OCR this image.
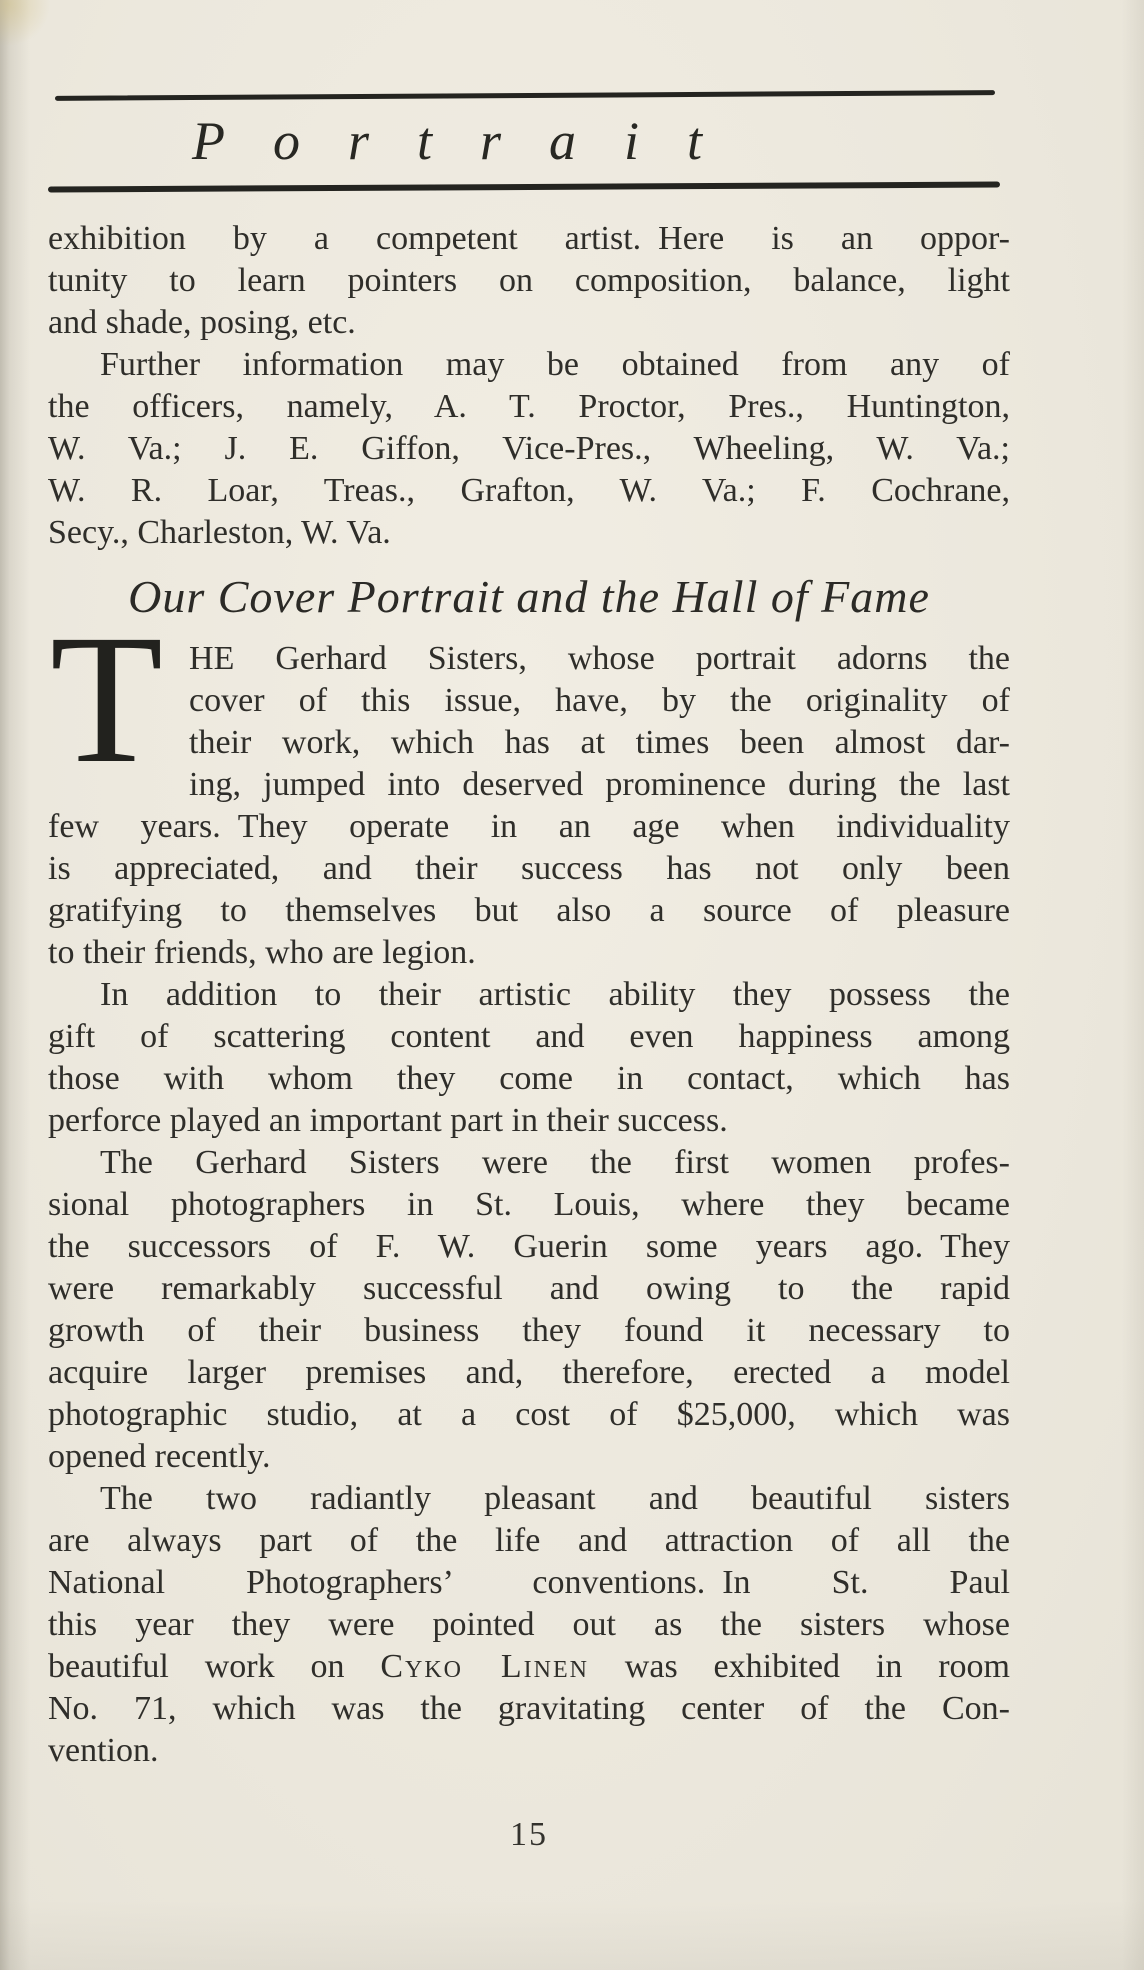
Portrait
exhibition by a competent artist. Here is an oppor-
tunity to learn pointers on composition, balance, light
and shade, posing, etc.
Further information may be obtained from any of
the officers, namely, A. T. Proctor, Pres., Huntington,
W. Va.; J. E. Giffon, Vice-Pres., Wheeling, W. Va.;
W. R. Loar, Treas., Grafton, W. Va.; F. Cochrane,
Secy., Charleston, W. Va.
Our Cover Portrait and the Hall of Fame
T HE Gerhard Sisters, whose portrait adorns the
cover of this issue, have, by the originality of
their work, which has at times been almost dar-
ing, jumped into deserved prominence during the last
few years. They operate in an age when individuality
is appreciated, and their success has not only been
gratifying to themselves but also a source of pleasure
to their friends, who are legion.
In addition to their artistic ability they possess the
gift of scattering content and even happiness among
those with whom they come in contact, which has
perforce played an important part in their success.
The Gerhard Sisters were the first women profes-
sional photographers in St. Louis, where they became
the successors of F. W. Guerin some years ago. They
were remarkably successful and owing to the rapid
growth of their business they found it necessary to
acquire larger premises and, therefore, erected a model
photographic studio, at a cost of $25,000, which was
opened recently.
The two radiantly pleasant and beautiful sisters
are always part of the life and attraction of all the
National Photographers’ conventions. In St. Paul
this year they were pointed out as the sisters whose
beautiful work on Cyko Linen was exhibited in room
No. 71, which was the gravitating center of the Con-
vention.
15
